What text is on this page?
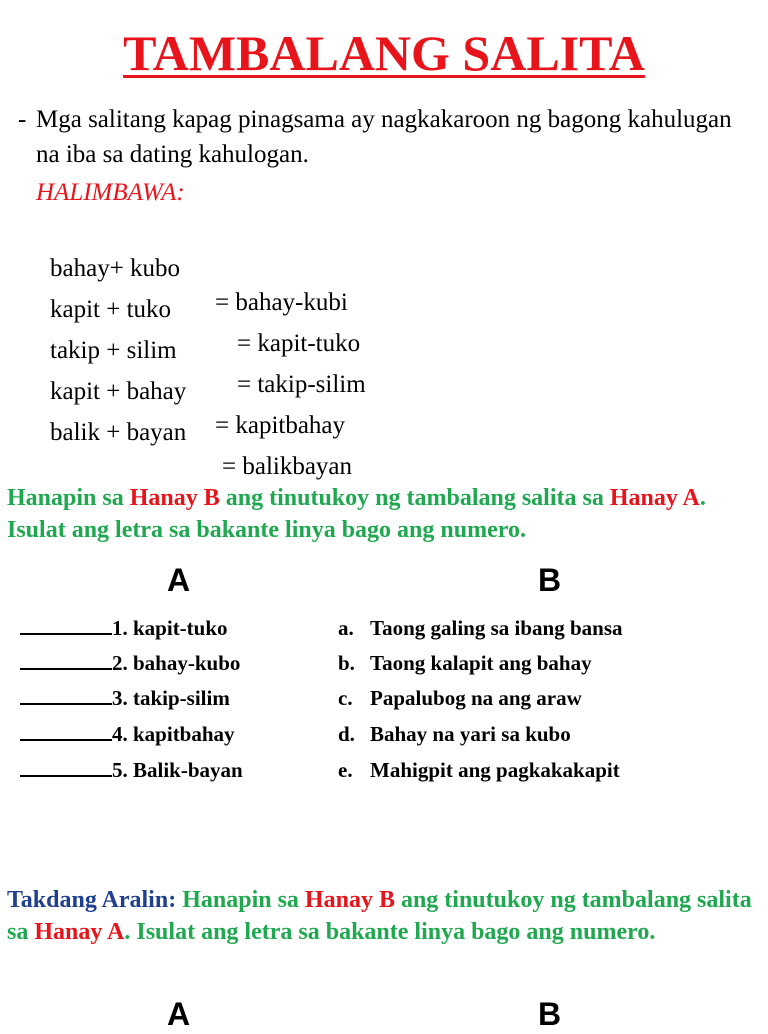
TAMBALANG SALITA
- Mga salitang kapag pinagsama ay nagkakaroon ng bagong kahulugan na iba sa dating kahulogan.
HALIMBAWA:

bahay+ kubo

= bahay-kubi

kapit + tuko

= kapit-tuko

takip + silim

= takip-silim

kapit + bahay

= kapitbahay

balik + bayan

= balikbayan

Hanapin sa Hanay B ang tinutukoy ng tambalang salita sa Hanay A. Isulat ang letra sa bakante linya bago ang numero.
A	B
1. kapit-tuko
2. bahay-kubo
3. takip-silim
4. kapitbahay
5. Balik-bayan
a. Taong galing sa ibang bansa
b. Taong kalapit ang bahay
c. Papalubog na ang araw
d. Bahay na yari sa kubo
e. Mahigpit ang pagkakakapit
Takdang Aralin: Hanapin sa Hanay B ang tinutukoy ng tambalang salita sa Hanay A. Isulat ang letra sa bakante linya bago ang numero.
A	B
